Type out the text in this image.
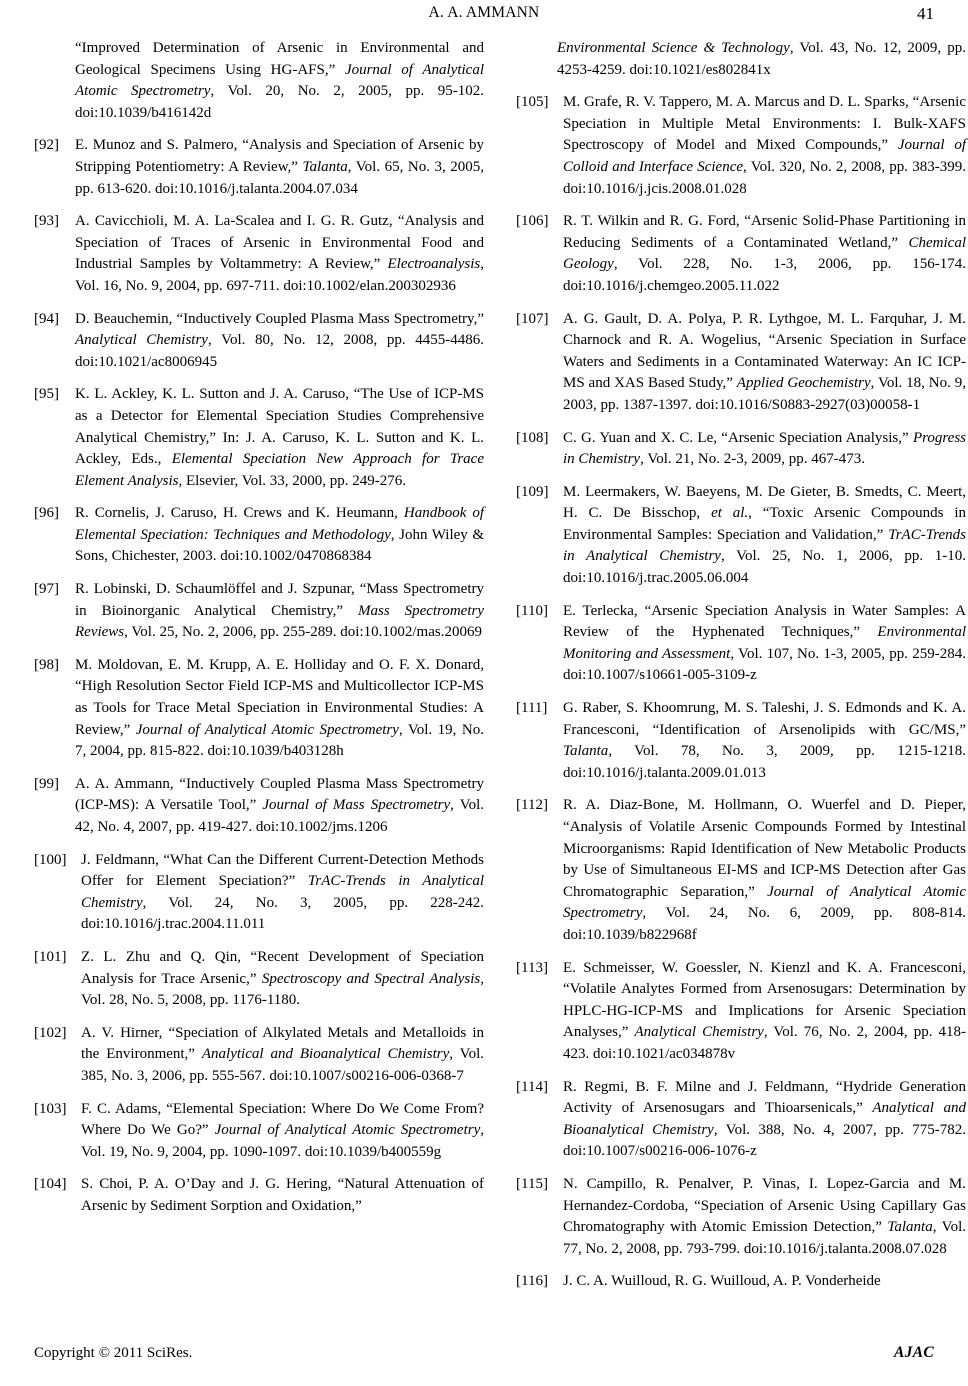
A. A. AMMANN	41
“Improved Determination of Arsenic in Environmental and Geological Specimens Using HG-AFS,” Journal of Analytical Atomic Spectrometry, Vol. 20, No. 2, 2005, pp. 95-102. doi:10.1039/b416142d
[92]	E. Munoz and S. Palmero, “Analysis and Speciation of Arsenic by Stripping Potentiometry: A Review,” Talanta, Vol. 65, No. 3, 2005, pp. 613-620. doi:10.1016/j.talanta.2004.07.034
[93]	A. Cavicchioli, M. A. La-Scalea and I. G. R. Gutz, “Analysis and Speciation of Traces of Arsenic in Environmental Food and Industrial Samples by Voltammetry: A Review,” Electroanalysis, Vol. 16, No. 9, 2004, pp. 697-711. doi:10.1002/elan.200302936
[94]	D. Beauchemin, “Inductively Coupled Plasma Mass Spectrometry,” Analytical Chemistry, Vol. 80, No. 12, 2008, pp. 4455-4486. doi:10.1021/ac8006945
[95]	K. L. Ackley, K. L. Sutton and J. A. Caruso, “The Use of ICP-MS as a Detector for Elemental Speciation Studies Comprehensive Analytical Chemistry,” In: J. A. Caruso, K. L. Sutton and K. L. Ackley, Eds., Elemental Speciation New Approach for Trace Element Analysis, Elsevier, Vol. 33, 2000, pp. 249-276.
[96]	R. Cornelis, J. Caruso, H. Crews and K. Heumann, Handbook of Elemental Speciation: Techniques and Methodology, John Wiley & Sons, Chichester, 2003. doi:10.1002/0470868384
[97]	R. Lobinski, D. Schaumlöffel and J. Szpunar, “Mass Spectrometry in Bioinorganic Analytical Chemistry,” Mass Spectrometry Reviews, Vol. 25, No. 2, 2006, pp. 255-289. doi:10.1002/mas.20069
[98]	M. Moldovan, E. M. Krupp, A. E. Holliday and O. F. X. Donard, “High Resolution Sector Field ICP-MS and Multicollector ICP-MS as Tools for Trace Metal Speciation in Environmental Studies: A Review,” Journal of Analytical Atomic Spectrometry, Vol. 19, No. 7, 2004, pp. 815-822. doi:10.1039/b403128h
[99]	A. A. Ammann, “Inductively Coupled Plasma Mass Spectrometry (ICP-MS): A Versatile Tool,” Journal of Mass Spectrometry, Vol. 42, No. 4, 2007, pp. 419-427. doi:10.1002/jms.1206
[100] J. Feldmann, “What Can the Different Current-Detection Methods Offer for Element Speciation?” TrAC-Trends in Analytical Chemistry, Vol. 24, No. 3, 2005, pp. 228-242. doi:10.1016/j.trac.2004.11.011
[101] Z. L. Zhu and Q. Qin, “Recent Development of Speciation Analysis for Trace Arsenic,” Spectroscopy and Spectral Analysis, Vol. 28, No. 5, 2008, pp. 1176-1180.
[102] A. V. Hirner, “Speciation of Alkylated Metals and Metalloids in the Environment,” Analytical and Bioanalytical Chemistry, Vol. 385, No. 3, 2006, pp. 555-567. doi:10.1007/s00216-006-0368-7
[103] F. C. Adams, “Elemental Speciation: Where Do We Come From? Where Do We Go?” Journal of Analytical Atomic Spectrometry, Vol. 19, No. 9, 2004, pp. 1090-1097. doi:10.1039/b400559g
[104] S. Choi, P. A. O’Day and J. G. Hering, “Natural Attenuation of Arsenic by Sediment Sorption and Oxidation,”
Environmental Science & Technology, Vol. 43, No. 12, 2009, pp. 4253-4259. doi:10.1021/es802841x
[105] M. Grafe, R. V. Tappero, M. A. Marcus and D. L. Sparks, “Arsenic Speciation in Multiple Metal Environments: I. Bulk-XAFS Spectroscopy of Model and Mixed Compounds,” Journal of Colloid and Interface Science, Vol. 320, No. 2, 2008, pp. 383-399. doi:10.1016/j.jcis.2008.01.028
[106] R. T. Wilkin and R. G. Ford, “Arsenic Solid-Phase Partitioning in Reducing Sediments of a Contaminated Wetland,” Chemical Geology, Vol. 228, No. 1-3, 2006, pp. 156-174. doi:10.1016/j.chemgeo.2005.11.022
[107] A. G. Gault, D. A. Polya, P. R. Lythgoe, M. L. Farquhar, J. M. Charnock and R. A. Wogelius, “Arsenic Speciation in Surface Waters and Sediments in a Contaminated Waterway: An IC ICP-MS and XAS Based Study,” Applied Geochemistry, Vol. 18, No. 9, 2003, pp. 1387-1397. doi:10.1016/S0883-2927(03)00058-1
[108] C. G. Yuan and X. C. Le, “Arsenic Speciation Analysis,” Progress in Chemistry, Vol. 21, No. 2-3, 2009, pp. 467-473.
[109] M. Leermakers, W. Baeyens, M. De Gieter, B. Smedts, C. Meert, H. C. De Bisschop, et al., “Toxic Arsenic Compounds in Environmental Samples: Speciation and Validation,” TrAC-Trends in Analytical Chemistry, Vol. 25, No. 1, 2006, pp. 1-10. doi:10.1016/j.trac.2005.06.004
[110]	E. Terlecka, “Arsenic Speciation Analysis in Water Samples: A Review of the Hyphenated Techniques,” Environmental Monitoring and Assessment, Vol. 107, No. 1-3, 2005, pp. 259-284. doi:10.1007/s10661-005-3109-z
[111]	G. Raber, S. Khoomrung, M. S. Taleshi, J. S. Edmonds and K. A. Francesconi, “Identification of Arsenolipids with GC/MS,” Talanta, Vol. 78, No. 3, 2009, pp. 1215-1218. doi:10.1016/j.talanta.2009.01.013
[112]	R. A. Diaz-Bone, M. Hollmann, O. Wuerfel and D. Pieper, “Analysis of Volatile Arsenic Compounds Formed by Intestinal Microorganisms: Rapid Identification of New Metabolic Products by Use of Simultaneous EI-MS and ICP-MS Detection after Gas Chromatographic Separation,” Journal of Analytical Atomic Spectrometry, Vol. 24, No. 6, 2009, pp. 808-814. doi:10.1039/b822968f
[113]	E. Schmeisser, W. Goessler, N. Kienzl and K. A. Francesconi, “Volatile Analytes Formed from Arsenosugars: Determination by HPLC-HG-ICP-MS and Implications for Arsenic Speciation Analyses,” Analytical Chemistry, Vol. 76, No. 2, 2004, pp. 418-423. doi:10.1021/ac034878v
[114]	R. Regmi, B. F. Milne and J. Feldmann, “Hydride Generation Activity of Arsenosugars and Thioarsenicals,” Analytical and Bioanalytical Chemistry, Vol. 388, No. 4, 2007, pp. 775-782. doi:10.1007/s00216-006-1076-z
[115]	N. Campillo, R. Penalver, P. Vinas, I. Lopez-Garcia and M. Hernandez-Cordoba, “Speciation of Arsenic Using Capillary Gas Chromatography with Atomic Emission Detection,” Talanta, Vol. 77, No. 2, 2008, pp. 793-799. doi:10.1016/j.talanta.2008.07.028
[116]	J. C. A. Wuilloud, R. G. Wuilloud, A. P. Vonderheide
Copyright © 2011 SciRes.	AJAC
